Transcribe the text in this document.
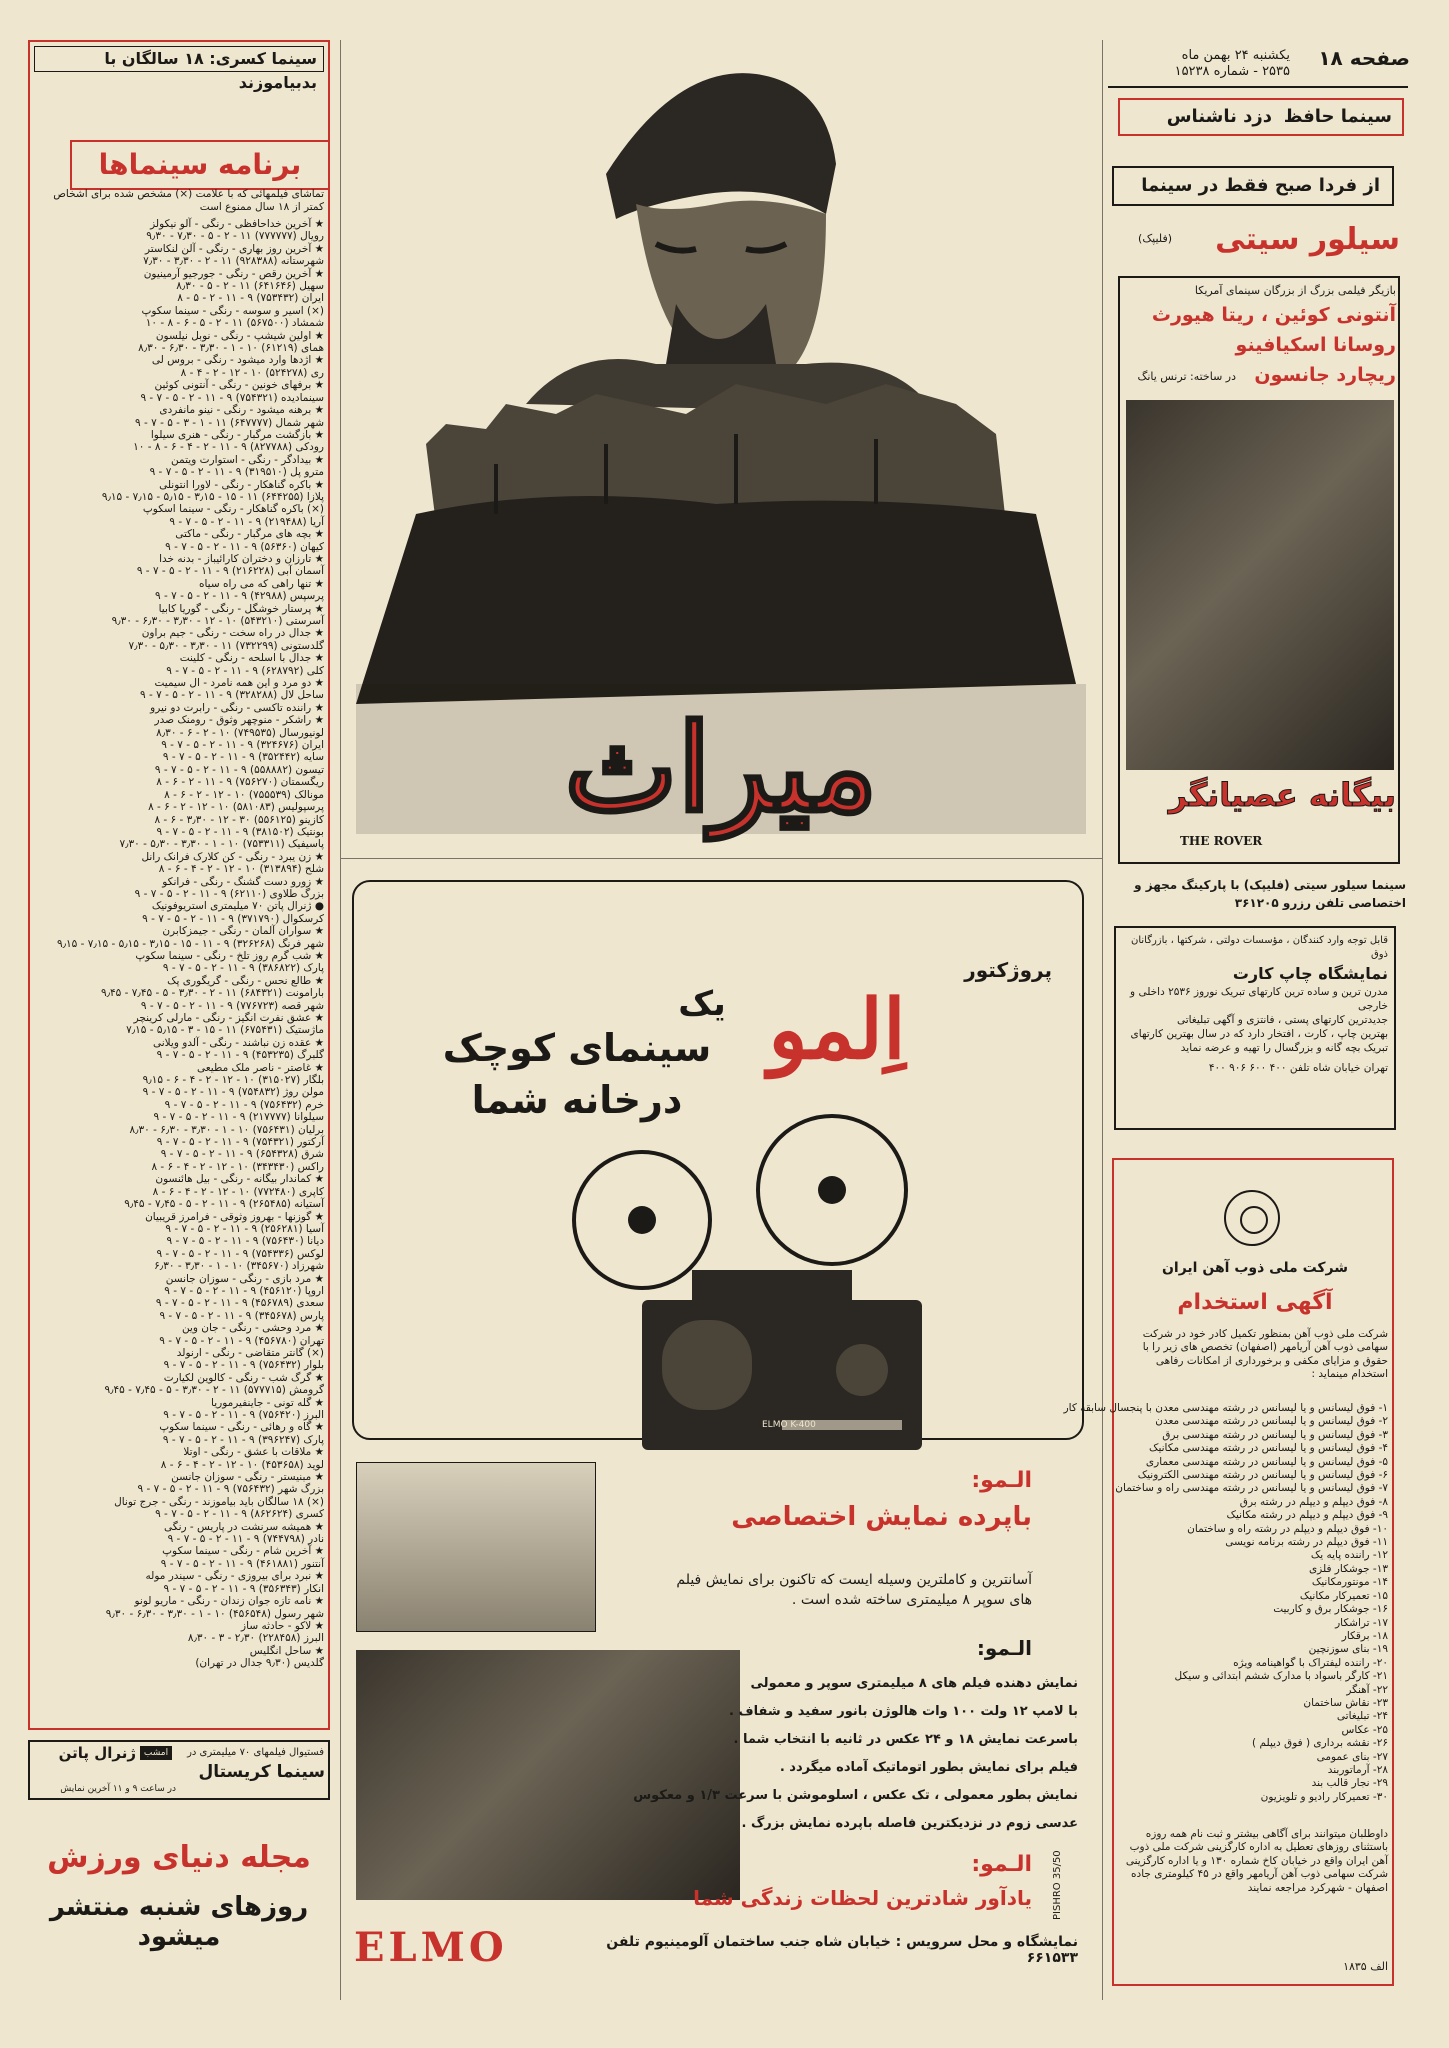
سینما کسری: ۱۸ سالگان با بدبیاموزند
برنامه سینماها
تماشای فیلمهائی که با علامت (×) مشخص شده برای اشخاص کمتر از ۱۸ سال ممنوع است
★ آخرین خداحافظی - رنگی - آلو نیکولز
رویال (۷۷۷۷۷۷) ۱۱ - ۲ - ۵ - ۷٫۳۰ - ۹٫۳۰
★ آخرین روز بهاری - رنگی - آلن لنکاستر
شهرستانه (۹۲۸۳۸۸) ۱۱ - ۲ - ۳٫۳۰ - ۷٫۳۰
★ آخرین رقص - رنگی - جورجیو آرمینیون
سهیل (۶۴۱۶۴۶) ۱۱ - ۲ - ۵ - ۸٫۳۰
ایران (۷۵۳۴۳۲) ۹ - ۱۱ - ۲ - ۵ - ۸
(×) اسیر و سوسه - رنگی - سینما سکوپ
شمشاد (۵۶۷۵۰۰) ۱۱ - ۲ - ۵ - ۶ - ۸ - ۱۰
★ اولین شیشپ - رنگی - نوبل نیلسون
همای (۶۱۲۱۹) ۱۰ - ۱ - ۳٫۳۰ - ۶٫۳۰ - ۸٫۳۰
★ اژدها وارد میشود - رنگی - بروس لی
ری (۵۲۴۲۷۸) ۱۰ - ۱۲ - ۲ - ۴ - ۸
★ برفهای خونین - رنگی - آنتونی کوئین
سینمادیده (۷۵۴۳۲۱) ۹ - ۱۱ - ۲ - ۵ - ۷ - ۹
★ برهنه میشود - رنگی - نینو مانفردی
شهر شمال (۶۴۷۷۷۷) ۱۱ - ۱ - ۳ - ۵ - ۷ - ۹
★ بازگشت مرگبار - رنگی - هنری سیلوا
رودکی (۸۲۷۷۸۸) ۹ - ۱۱ - ۲ - ۴ - ۶ - ۸ - ۱۰
★ بیدادگر - رنگی - استوارت ویتمن
مترو پل (۳۱۹۵۱۰) ۹ - ۱۱ - ۲ - ۵ - ۷ - ۹
★ باکره گناهکار - رنگی - لاورا انتونلی
پلازا (۶۴۴۲۵۵) ۱۱ - ۱۵ - ۳٫۱۵ - ۵٫۱۵ - ۷٫۱۵ - ۹٫۱۵
(×) باکره گناهکار - رنگی - سینما اسکوپ
آریا (۲۱۹۴۸۸) ۹ - ۱۱ - ۲ - ۵ - ۷ - ۹
★ بچه های مرگبار - رنگی - ماکتی
کیهان (۵۶۳۶۰) ۹ - ۱۱ - ۲ - ۵ - ۷ - ۹
★ تارزان و دختران کارائیباز - بدنه خدا
آسمان آبی (۲۱۶۲۲۸) ۹ - ۱۱ - ۲ - ۵ - ۷ - ۹
★ تنها راهی که می راه سیاه
پرسپس (۴۲۹۸۸) ۹ - ۱۱ - ۲ - ۵ - ۷ - ۹
★ پرستار خوشگل - رنگی - گوریا کابیا
آسرستی (۵۴۳۲۱۰) ۱۰ - ۱۲ - ۳٫۳۰ - ۶٫۳۰ - ۹٫۳۰
★ جدال در راه سخت - رنگی - جیم براون
گلدستونی (۷۳۲۲۹۹) ۱۱ - ۳٫۳۰ - ۵٫۳۰ - ۷٫۳۰
★ جدال با اسلحه - رنگی - کلینت
کلی (۶۲۸۷۹۲) ۹ - ۱۱ - ۲ - ۵ - ۷ - ۹
★ دو مرد و این همه نامرد - ال سیمیت
ساحل لال (۳۲۸۲۸۸) ۹ - ۱۱ - ۲ - ۵ - ۷ - ۹
★ راننده تاکسی - رنگی - رابرت دو نیرو
★ راشکر - منوچهر وثوق - رومنک صدر
لونیورسال (۷۴۹۵۳۵) ۱۰ - ۲ - ۶ - ۸٫۳۰
ایران (۳۲۴۶۷۶) ۹ - ۱۱ - ۲ - ۵ - ۷ - ۹
سایه (۳۵۲۴۴۲) ۹ - ۱۱ - ۲ - ۵ - ۷ - ۹
تیسون (۵۵۸۸۸۲) ۹ - ۱۱ - ۲ - ۵ - ۷ - ۹
ریگسمتان (۷۵۶۲۷۰) ۹ - ۱۱ - ۲ - ۶ - ۸
مونالک (۷۵۵۵۳۹) ۱۰ - ۱۲ - ۲ - ۶ - ۸
پرسپولیس (۵۸۱۰۸۳) ۱۰ - ۱۲ - ۲ - ۶ - ۸
کازینو (۵۵۶۱۲۵) ۳۰ - ۱۲ - ۳٫۳۰ - ۶ - ۸
بونتیک (۳۸۱۵۰۲) ۹ - ۱۱ - ۲ - ۵ - ۷ - ۹
پاسیفیک (۷۵۳۳۱۱) ۱۰ - ۱ - ۳٫۳۰ - ۵٫۳۰ - ۷٫۳۰
★ زن یبرد - رنگی - کن کلارک فرانک رانل
شلح (۳۱۳۸۹۴) ۱۰ - ۱۲ - ۲ - ۴ - ۶ - ۸
★ زورو دست گشنگ - رنگی - فرانکو
بزرگ طلاوی (۶۲۱۱۰) ۹ - ۱۱ - ۲ - ۵ - ۷ - ۹
● ژنرال پاتن ۷۰ میلیمتری استریوفونیک
کرسکوال (۳۷۱۷۹۰) ۹ - ۱۱ - ۲ - ۵ - ۷ - ۹
★ سواران آلمان - رنگی - جیمزکابرن
شهر فرنگ (۳۲۶۲۶۸) ۹ - ۱۱ - ۱۵ - ۳٫۱۵ - ۵٫۱۵ - ۷٫۱۵ - ۹٫۱۵
★ شب گرم روز تلخ - رنگی - سینما سکوپ
پارک (۳۸۶۸۲۲) ۹ - ۱۱ - ۲ - ۵ - ۷ - ۹
★ طالع نحس - رنگی - گریگوری پک
بارامونت (۶۸۴۳۲۱) ۱۱ - ۲ - ۳٫۳۰ - ۵ - ۷٫۴۵ - ۹٫۴۵
شهر قصه (۷۷۶۷۲۳) ۹ - ۱۱ - ۲ - ۵ - ۷ - ۹
★ عشق نفرت انگیز - رنگی - مارلی کرینچر
ماژستیک (۶۷۵۴۳۱) ۱۱ - ۱۵ - ۳ - ۵٫۱۵ - ۷٫۱۵
★ عقده زن نباشند - رنگی - آلدو ویلانی
گلبرگ (۴۵۳۲۳۵) ۹ - ۱۱ - ۲ - ۵ - ۷ - ۹
★ غاصتر - ناصر ملک مطیعی
بلگار (۳۱۵۰۲۷) ۱۰ - ۱۲ - ۲ - ۴ - ۶ - ۹٫۱۵
مولن روژ (۷۵۴۸۳۲) ۹ - ۱۱ - ۲ - ۵ - ۷ - ۹
خرم (۷۵۶۴۳۲) ۹ - ۱۱ - ۲ - ۵ - ۷ - ۹
سیلوانا (۲۱۷۷۷۷) ۹ - ۱۱ - ۲ - ۵ - ۷ - ۹
برلیان (۷۵۶۴۳۱) ۱۰ - ۱ - ۳٫۳۰ - ۶٫۳۰ - ۸٫۳۰
آرکتور (۷۵۴۳۲۱) ۹ - ۱۱ - ۲ - ۵ - ۷ - ۹
شرق (۶۵۴۳۲۸) ۹ - ۱۱ - ۲ - ۵ - ۷ - ۹
راکس (۳۴۳۴۳۰) ۱۰ - ۱۲ - ۲ - ۴ - ۶ - ۸
★ کماندار بیگانه - رنگی - بیل هائنسون
کاپری (۷۷۲۴۸۰) ۱۰ - ۱۲ - ۲ - ۴ - ۶ - ۸
آستیانه (۲۶۵۴۸۵) ۹ - ۱۱ - ۲ - ۵ - ۷٫۴۵ - ۹٫۴۵
★ گوزنها - بهروز وثوقی - فرامرز قریبیان
آسیا (۲۵۶۲۸۱) ۹ - ۱۱ - ۲ - ۵ - ۷ - ۹
دیانا (۷۵۶۴۳۰) ۹ - ۱۱ - ۲ - ۵ - ۷ - ۹
لوکس (۷۵۴۳۳۶) ۹ - ۱۱ - ۲ - ۵ - ۷ - ۹
شهرزاد (۳۴۵۶۷۰) ۱۰ - ۱ - ۳٫۳۰ - ۶٫۳۰
★ مرد بازی - رنگی - سوزان جانسن
اروپا (۴۵۶۱۲۰) ۹ - ۱۱ - ۲ - ۵ - ۷ - ۹
سعدی (۴۵۶۷۸۹) ۹ - ۱۱ - ۲ - ۵ - ۷ - ۹
پارس (۳۴۵۶۷۸) ۹ - ۱۱ - ۲ - ۵ - ۷ - ۹
★ مرد وحشی - رنگی - جان وین
تهران (۴۵۶۷۸۰) ۹ - ۱۱ - ۲ - ۵ - ۷ - ۹
(×) گانتر متقاضی - رنگی - ارنولد
بلوار (۷۵۶۴۳۲) ۹ - ۱۱ - ۲ - ۵ - ۷ - ۹
★ گرگ شب - رنگی - کالوین لکیارت
گرومش (۵۷۷۷۱۵) ۱۱ - ۲ - ۳٫۳۰ - ۵ - ۷٫۴۵ - ۹٫۴۵
★ گله تونی - جاینفیرموریا
البرز (۷۵۶۴۲۰) ۹ - ۱۱ - ۲ - ۵ - ۷ - ۹
★ گاه و رهائی - رنگی - سینما سکوپ
پارک (۳۹۶۲۴۷) ۹ - ۱۱ - ۲ - ۵ - ۷ - ۹
★ ملاقات با عشق - رنگی - اوتلا
لوید (۴۵۳۶۵۸) ۱۰ - ۱۲ - ۲ - ۴ - ۶ - ۸
★ مبنیستر - رنگی - سوزان جانسن
بزرگ شهر (۷۵۶۴۳۲) ۹ - ۱۱ - ۲ - ۵ - ۷ - ۹
(×) ۱۸ سالگان باید بیاموزند - رنگی - جرج تونال
کسری (۸۶۲۶۲۴) ۹ - ۱۱ - ۲ - ۵ - ۷ - ۹
★ همیشه سرنشت در پاریس - رنگی
نادر (۷۴۴۷۹۸) ۹ - ۱۱ - ۲ - ۵ - ۷ - ۹
★ آخرین شام - رنگی - سینما سکوپ
آنتنور (۴۶۱۸۸۱) ۹ - ۱۱ - ۲ - ۵ - ۷ - ۹
★ نبرد برای بیروزی - رنگی - سیندر موله
انکار (۳۵۶۳۴۳) ۹ - ۱۱ - ۲ - ۵ - ۷ - ۹
★ نامه تازه جوان زندان - رنگی - ماریو لونو
شهر رسول (۴۵۶۵۴۸) ۱۰ - ۱ - ۳٫۳۰ - ۶٫۳۰ - ۹٫۳۰
★ لاکو - حادثه ساز
البرز (۲۲۸۴۵۸) ۲٫۳۰ - ۳ - ۸٫۳۰
★ ساحل انگلیس
گلدیس (۹٫۳۰ جدال در تهران)
فستیوال فیلمهای ۷۰ میلیمتری در
ژنرال پاتن امشب
سینما کریستال
در ساعت ۹ و ۱۱ آخرین نمایش
مجله دنیای ورزش
روزهای شنبه منتشر میشود
میراث
صفحه ۱۸
یکشنبه ۲۴ بهمن ماه
۲۵۳۵ - شماره ۱۵۲۳۸
سینما حافظ
دزد ناشناس
از فردا صبح فقط در سینما
سیلور سیتی
(فلیپک)
بازیگر فیلمی بزرگ از بزرگان سینمای آمریکا
آنتونی کوئین ، ریتا هیورث
روسانا اسکیافینو
ریچارد جانسون
در ساخته: ترنس یانگ
بیگانه عصیانگر
THE ROVER
سینما سیلور سیتی (فلیپک) با پارکینگ مجهز و
اختصاصی تلفن رزرو ۳۶۱۲۰۵
قابل توجه وارد کنندگان ، مؤسسات دولتی ، شرکتها ، بازرگانان ذوق
نمایشگاه چاپ کارت
مدرن ترین و ساده ترین کارتهای تبریک نوروز ۲۵۳۶ داخلی و خارجی
جدیدترین کارتهای پستی ، فانتزی و آگهی تبلیغاتی
بهترین چاپ ، کارت ، افتخار دارد که در سال بهترین کارتهای
تبریک بچه گانه و بزرگسال را تهیه و عرضه نماید
تهران خیابان شاه تلفن ۴۰۰ ۶۰۰ ۹۰۶ ۴۰۰
شرکت ملی ذوب آهن ایران
آگهی استخدام
شرکت ملی ذوب آهن بمنظور تکمیل کادر خود در شرکت سهامی ذوب آهن آریامهر (اصفهان) تخصص های زیر را با حقوق و مزایای مکفی و برخورداری از امکانات رفاهی استخدام مینماید :
۱- فوق لیسانس و یا لیسانس در رشته مهندسی معدن با پنجسال سابقه کار
۲- فوق لیسانس و یا لیسانس در رشته مهندسی معدن
۳- فوق لیسانس و یا لیسانس در رشته مهندسی برق
۴- فوق لیسانس و یا لیسانس در رشته مهندسی مکانیک
۵- فوق لیسانس و یا لیسانس در رشته مهندسی معماری
۶- فوق لیسانس و یا لیسانس در رشته مهندسی الکترونیک
۷- فوق لیسانس و یا لیسانس در رشته مهندسی راه و ساختمان
۸- فوق دیپلم و دیپلم در رشته برق
۹- فوق دیپلم و دیپلم در رشته مکانیک
۱۰- فوق دیپلم و دیپلم در رشته راه و ساختمان
۱۱- فوق دیپلم در رشته برنامه نویسی
۱۲- راننده پایه یک
۱۳- جوشکار فلزی
۱۴- مونتورمکانیک
۱۵- تعمیرکار مکانیک
۱۶- جوشکار برق و کاربیت
۱۷- تراشکار
۱۸- برقکار
۱۹- بنای سوزنچین
۲۰- راننده لیفتراک با گواهینامه ویژه
۲۱- کارگر باسواد با مدارک ششم ابتدائی و سیکل
۲۲- آهنگر
۲۳- نقاش ساختمان
۲۴- تبلیغاتی
۲۵- عکاس
۲۶- نقشه برداری ( فوق دیپلم )
۲۷- بنای عمومی
۲۸- آرماتوربند
۲۹- نجار قالب بند
۳۰- تعمیرکار رادیو و تلویزیون
داوطلبان میتوانند برای آگاهی بیشتر و ثبت نام همه روزه باستثنای روزهای تعطیل به اداره کارگزینی شرکت ملی ذوب آهن ایران واقع در خیابان کاخ شماره ۱۳۰ و یا اداره کارگزینی شرکت سهامی ذوب آهن آریامهر واقع در ۴۵ کیلومتری جاده اصفهان - شهرکرد مراجعه نمایند
الف ۱۸۳۵
پروژکتور
اِلمو
یک
سینمای کوچک
درخانه شما
ELMO K-400
الـمو:
باپرده نمایش اختصاصی
آسانترین و کاملترین وسیله ایست که تاکنون برای نمایش فیلم های سوپر ۸ میلیمتری ساخته شده است .
الـمو:
نمایش دهنده فیلم های ۸ میلیمتری سوپر و معمولی
با لامپ ۱۲ ولت ۱۰۰ وات هالوژن بانور سفید و شفاف .
باسرعت نمایش ۱۸ و ۲۴ عکس در ثانیه با انتخاب شما .
فیلم برای نمایش بطور اتوماتیک آماده میگردد .
نمایش بطور معمولی ، تک عکس ، اسلوموشن با سرعت ۱/۳ و معکوس
عدسی زوم در نزدیکترین فاصله باپرده نمایش بزرگ .
الـمو:
یادآور شادترین لحظات زندگی شما
ELMO	نمایشگاه و محل سرویس : خیابان شاه جنب ساختمان آلومینیوم تلفن ۶۶۱۵۳۳
PISHRO 35/50
